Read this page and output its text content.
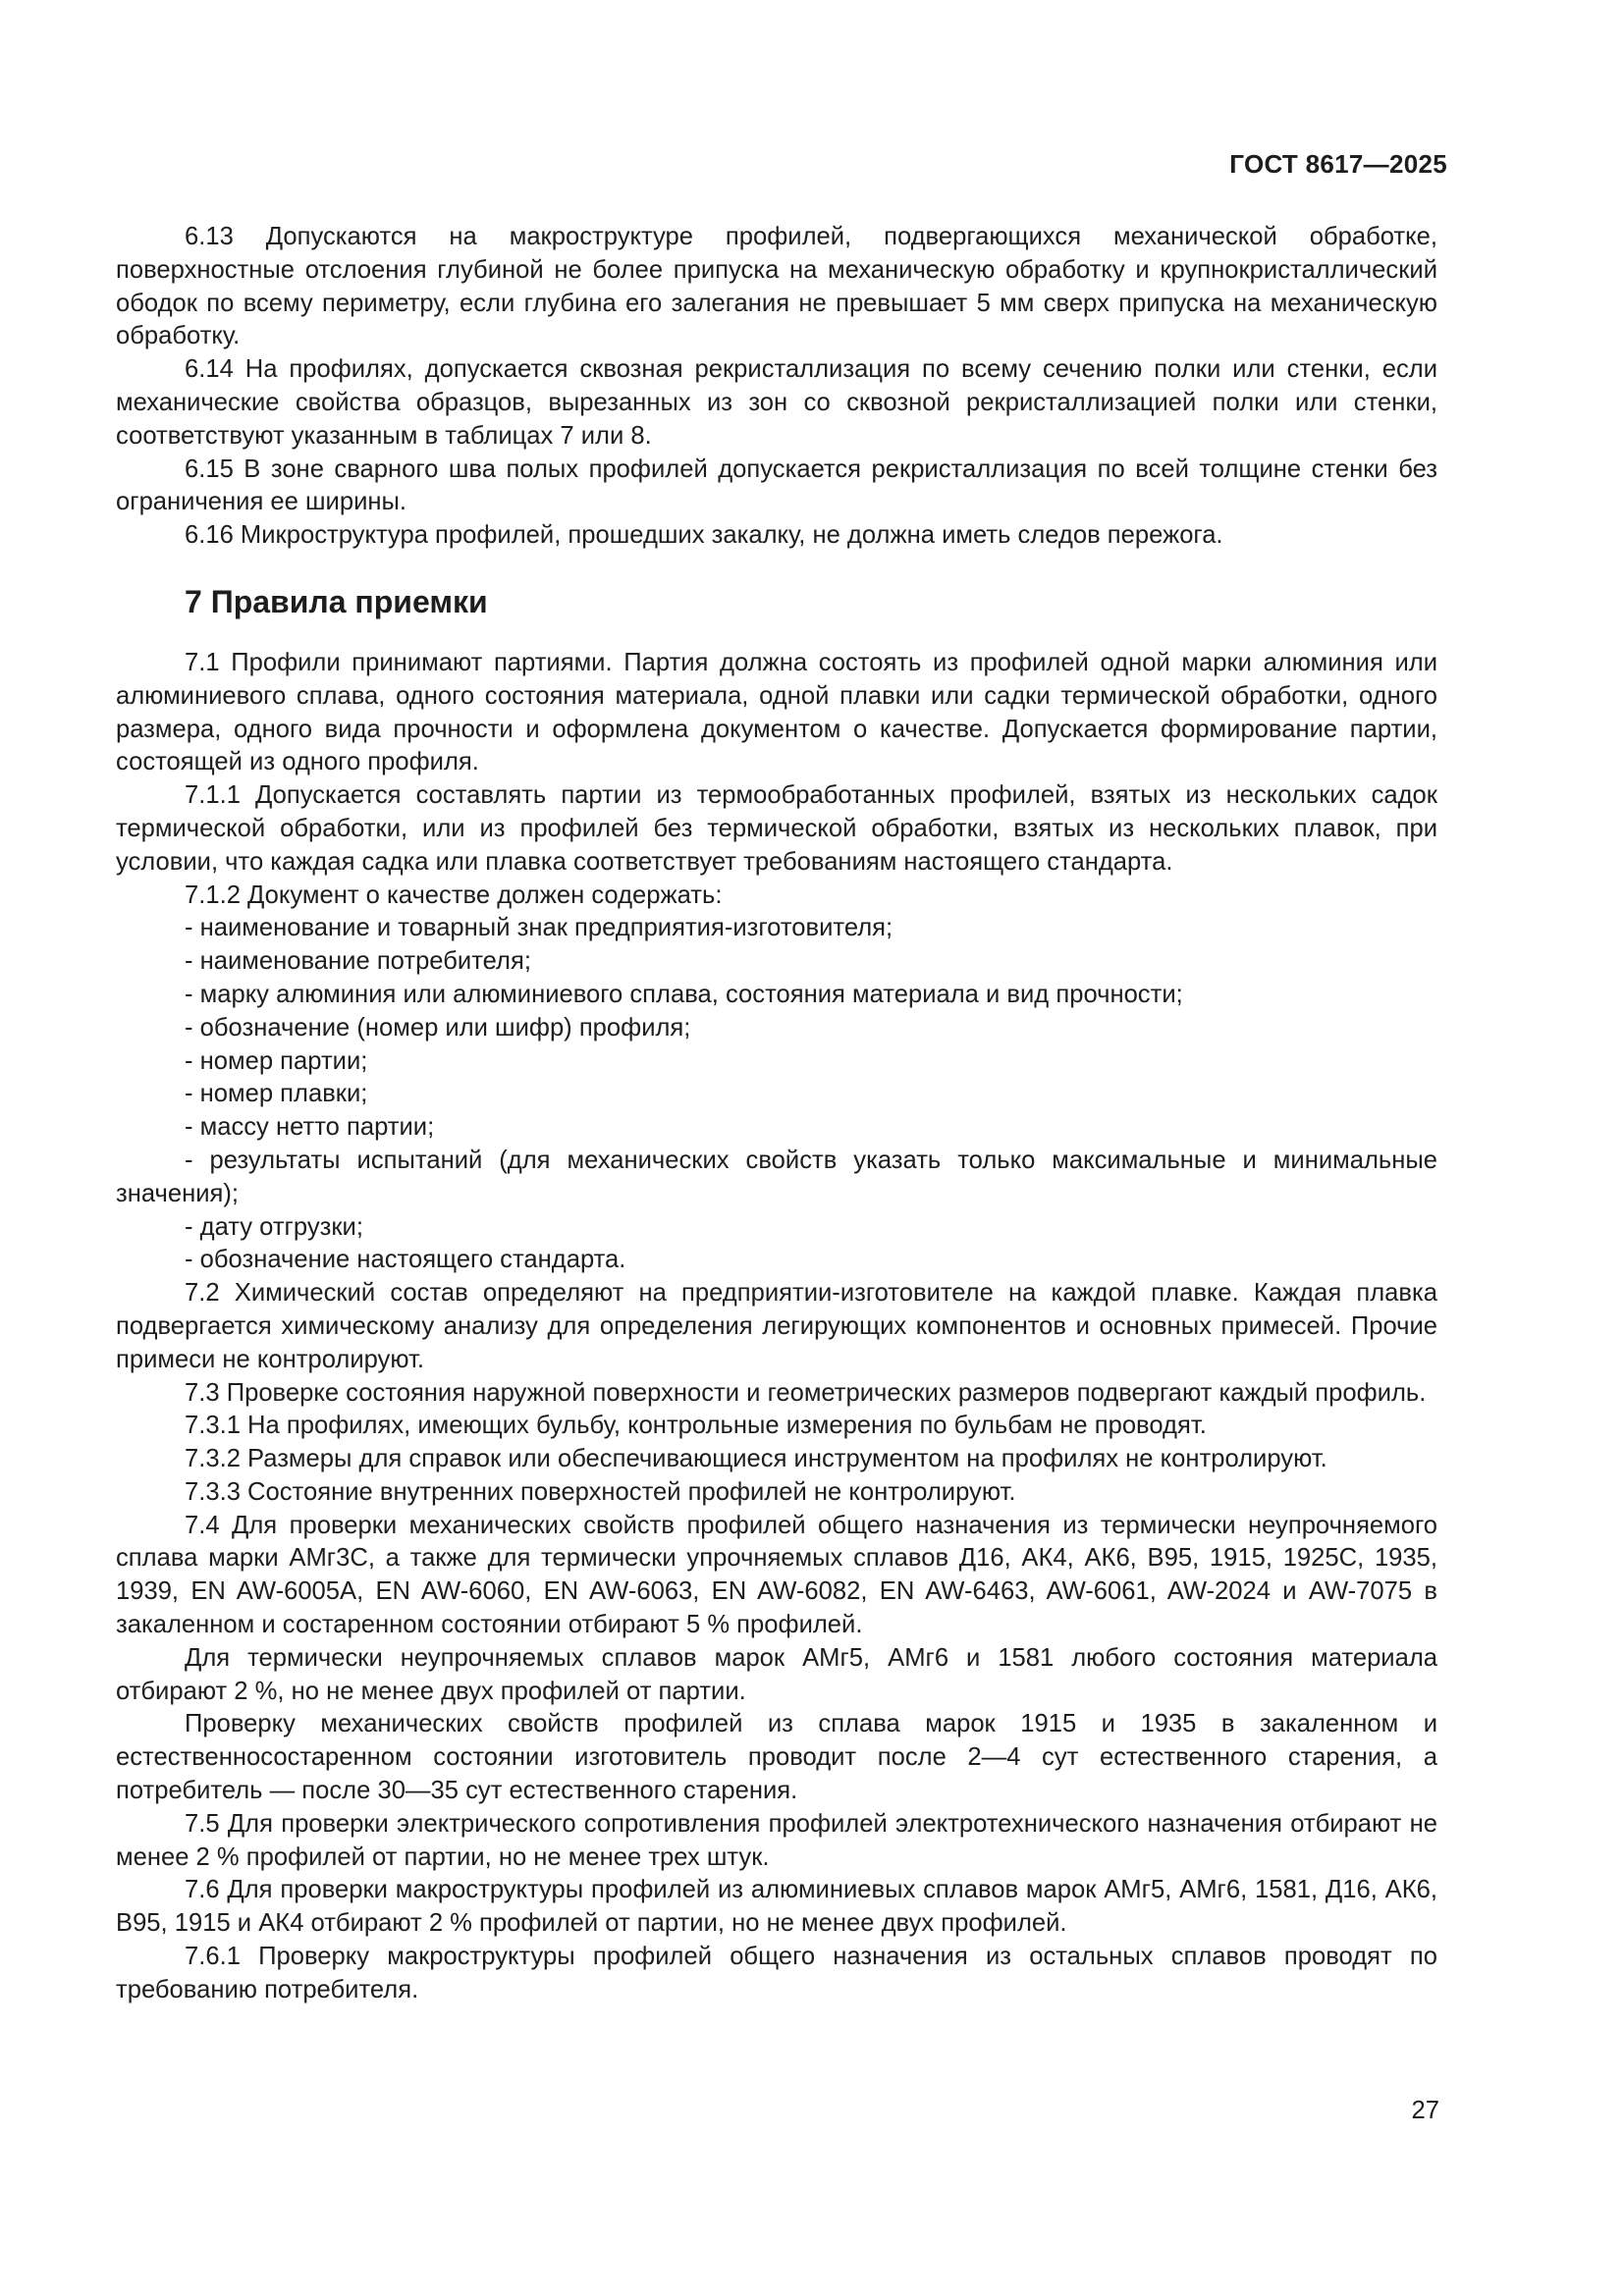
ГОСТ 8617—2025

6.13 Допускаются на макроструктуре профилей, подвергающихся механической обработке, поверхностные отслоения глубиной не более припуска на механическую обработку и крупнокристаллический ободок по всему периметру, если глубина его залегания не превышает 5 мм сверх припуска на механическую обработку.

6.14 На профилях, допускается сквозная рекристаллизация по всему сечению полки или стенки, если механические свойства образцов, вырезанных из зон со сквозной рекристаллизацией полки или стенки, соответствуют указанным в таблицах 7 или 8.

6.15 В зоне сварного шва полых профилей допускается рекристаллизация по всей толщине стенки без ограничения ее ширины.

6.16 Микроструктура профилей, прошедших закалку, не должна иметь следов пережога.

7 Правила приемки

7.1 Профили принимают партиями. Партия должна состоять из профилей одной марки алюминия или алюминиевого сплава, одного состояния материала, одной плавки или садки термической обработки, одного размера, одного вида прочности и оформлена документом о качестве. Допускается формирование партии, состоящей из одного профиля.

7.1.1 Допускается составлять партии из термообработанных профилей, взятых из нескольких садок термической обработки, или из профилей без термической обработки, взятых из нескольких плавок, при условии, что каждая садка или плавка соответствует требованиям настоящего стандарта.

7.1.2 Документ о качестве должен содержать:

- наименование и товарный знак предприятия-изготовителя;

- наименование потребителя;

- марку алюминия или алюминиевого сплава, состояния материала и вид прочности;

- обозначение (номер или шифр) профиля;

- номер партии;

- номер плавки;

- массу нетто партии;

- результаты испытаний (для механических свойств указать только максимальные и минимальные значения);

- дату отгрузки;

- обозначение настоящего стандарта.

7.2 Химический состав определяют на предприятии-изготовителе на каждой плавке. Каждая плавка подвергается химическому анализу для определения легирующих компонентов и основных примесей. Прочие примеси не контролируют.

7.3 Проверке состояния наружной поверхности и геометрических размеров подвергают каждый профиль.

7.3.1 На профилях, имеющих бульбу, контрольные измерения по бульбам не проводят.

7.3.2 Размеры для справок или обеспечивающиеся инструментом на профилях не контролируют.

7.3.3 Состояние внутренних поверхностей профилей не контролируют.

7.4 Для проверки механических свойств профилей общего назначения из термически неупрочняемого сплава марки АМг3С, а также для термически упрочняемых сплавов Д16, АК4, АК6, В95, 1915, 1925С, 1935, 1939, EN AW-6005A, EN AW-6060, EN AW-6063, EN AW-6082, EN AW-6463, AW-6061, AW-2024 и AW-7075 в закаленном и состаренном состоянии отбирают 5 % профилей.

Для термически неупрочняемых сплавов марок АМг5, АМг6 и 1581 любого состояния материала отбирают 2 %, но не менее двух профилей от партии.

Проверку механических свойств профилей из сплава марок 1915 и 1935 в закаленном и естественносостаренном состоянии изготовитель проводит после 2—4 сут естественного старения, а потребитель — после 30—35 сут естественного старения.

7.5 Для проверки электрического сопротивления профилей электротехнического назначения отбирают не менее 2 % профилей от партии, но не менее трех штук.

7.6 Для проверки макроструктуры профилей из алюминиевых сплавов марок АМг5, АМг6, 1581, Д16, АК6, В95, 1915 и АК4 отбирают 2 % профилей от партии, но не менее двух профилей.

7.6.1 Проверку макроструктуры профилей общего назначения из остальных сплавов проводят по требованию потребителя.

27
